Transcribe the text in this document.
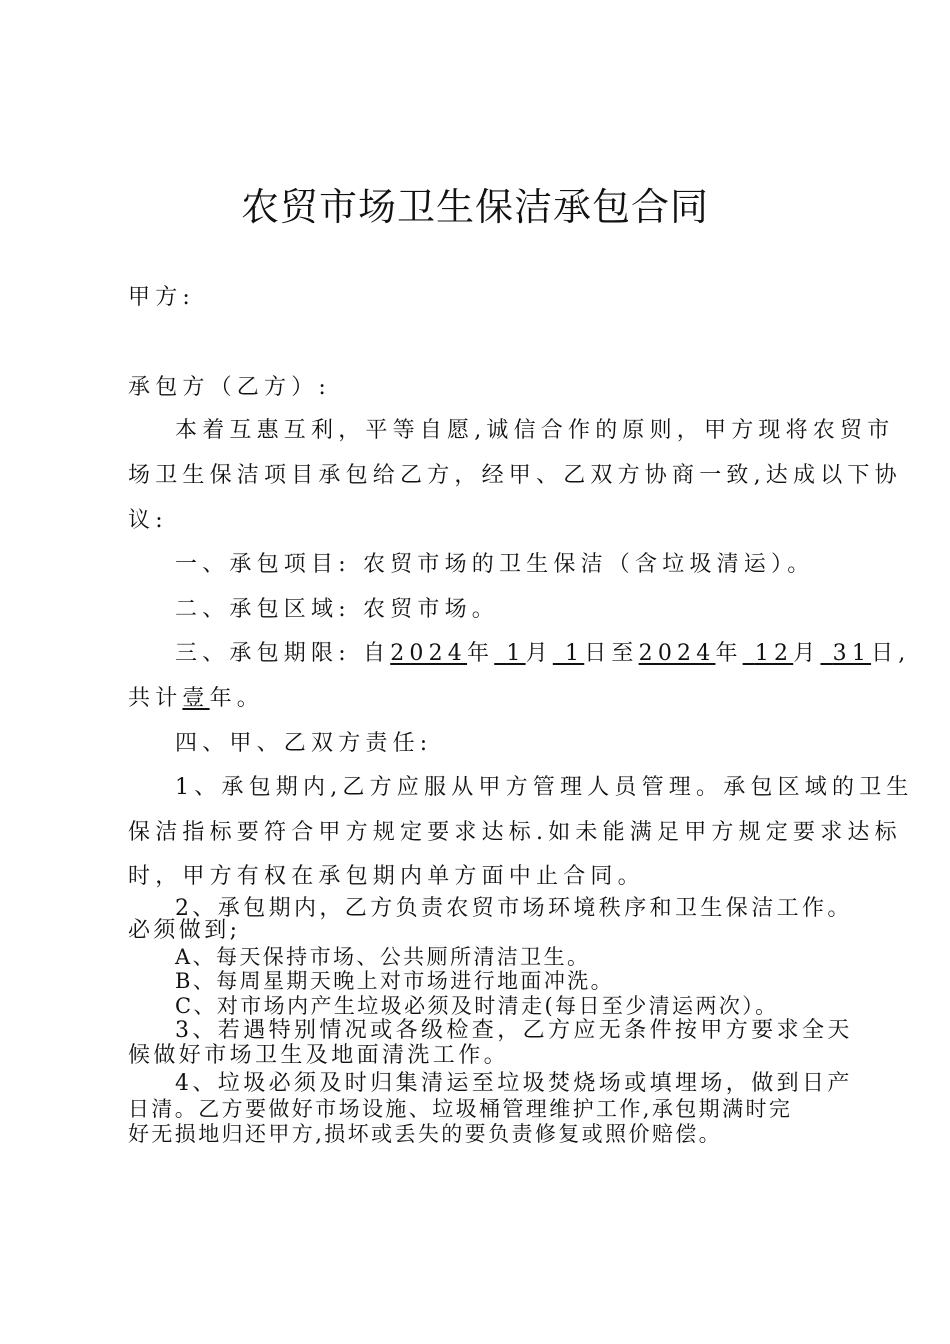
农贸市场卫生保洁承包合同
甲方:
承包方（乙方）:
本着互惠互利，平等自愿,诚信合作的原则，甲方现将农贸市
场卫生保洁项目承包给乙方，经甲、乙双方协商一致,达成以下协
议:
一、承包项目: 农贸市场的卫生保洁（含垃圾清运）。
二、承包区域: 农贸市场。
三、承包期限: 自2024年 1月 1日至2024年 12月 31日,
共计壹年。
四、甲、乙双方责任:
1、承包期内,乙方应服从甲方管理人员管理。承包区域的卫生
保洁指标要符合甲方规定要求达标.如未能满足甲方规定要求达标
时，甲方有权在承包期内单方面中止合同。
2、承包期内，乙方负责农贸市场环境秩序和卫生保洁工作。
必须做到;
A、每天保持市场、公共厕所清洁卫生。
B、每周星期天晚上对市场进行地面冲洗。
C、对市场内产生垃圾必须及时清走(每日至少清运两次）。
3、若遇特别情况或各级检查，乙方应无条件按甲方要求全天
候做好市场卫生及地面清洗工作。
4、垃圾必须及时归集清运至垃圾焚烧场或填埋场，做到日产
日清。乙方要做好市场设施、垃圾桶管理维护工作,承包期满时完
好无损地归还甲方,损坏或丢失的要负责修复或照价赔偿。
